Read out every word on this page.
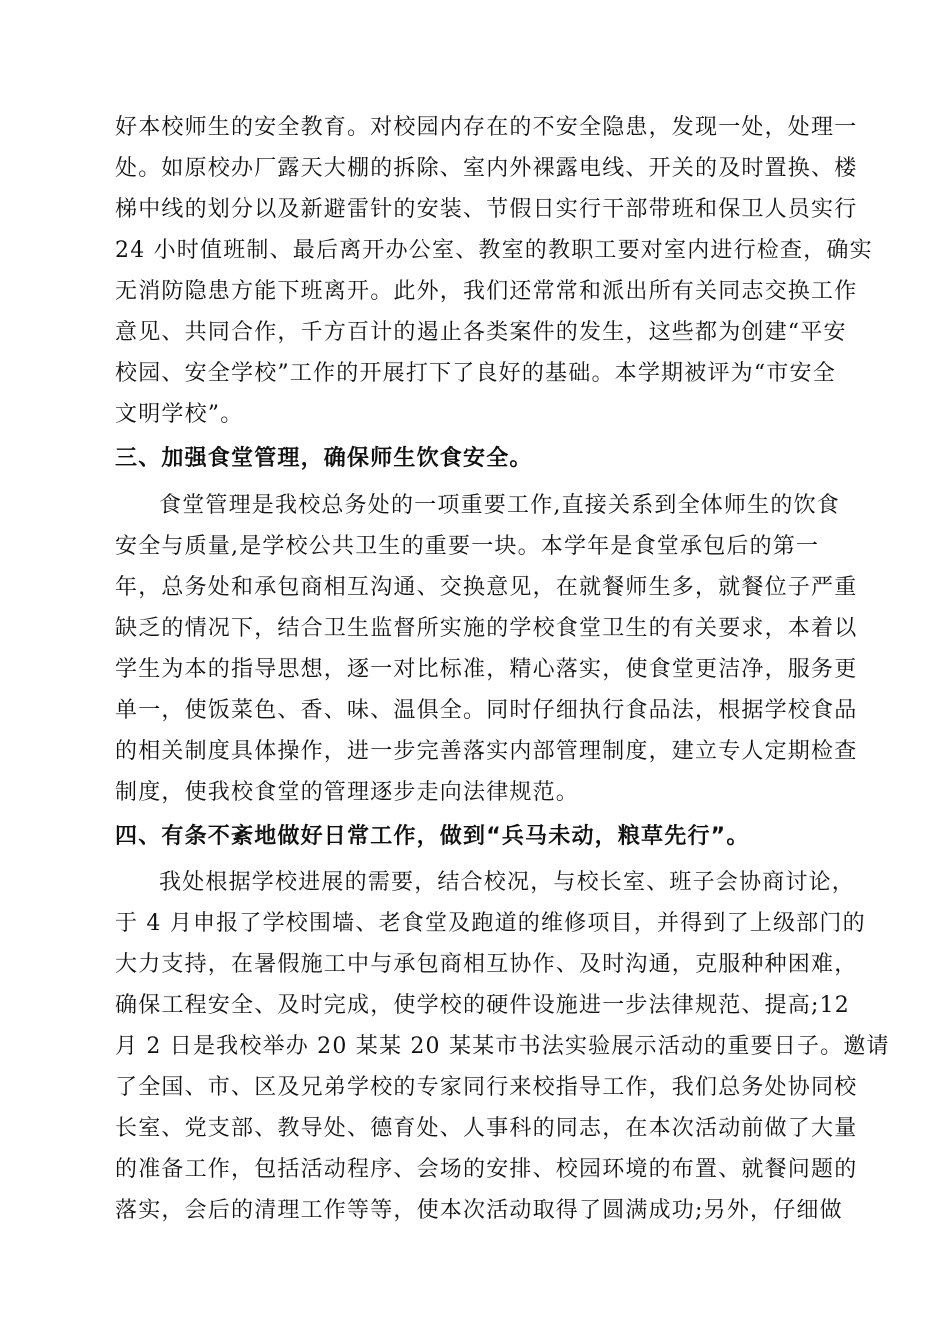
好本校师生的安全教育。对校园内存在的不安全隐患，发现一处，处理一
处。如原校办厂露天大棚的拆除、室内外裸露电线、开关的及时置换、楼
梯中线的划分以及新避雷针的安装、节假日实行干部带班和保卫人员实行
24 小时值班制、最后离开办公室、教室的教职工要对室内进行检查，确实
无消防隐患方能下班离开。此外，我们还常常和派出所有关同志交换工作
意见、共同合作，千方百计的遏止各类案件的发生，这些都为创建“平安
校园、安全学校”工作的开展打下了良好的基础。本学期被评为“市安全
文明学校”。
三、加强食堂管理，确保师生饮食安全。
食堂管理是我校总务处的一项重要工作,直接关系到全体师生的饮食
安全与质量,是学校公共卫生的重要一块。本学年是食堂承包后的第一
年，总务处和承包商相互沟通、交换意见，在就餐师生多，就餐位子严重
缺乏的情况下，结合卫生监督所实施的学校食堂卫生的有关要求，本着以
学生为本的指导思想，逐一对比标准，精心落实，使食堂更洁净，服务更
单一，使饭菜色、香、味、温俱全。同时仔细执行食品法，根据学校食品
的相关制度具体操作，进一步完善落实内部管理制度，建立专人定期检查
制度，使我校食堂的管理逐步走向法律规范。
四、有条不紊地做好日常工作，做到“兵马未动，粮草先行”。
我处根据学校进展的需要，结合校况，与校长室、班子会协商讨论，
于 4 月申报了学校围墙、老食堂及跑道的维修项目，并得到了上级部门的
大力支持，在暑假施工中与承包商相互协作、及时沟通，克服种种困难，
确保工程安全、及时完成，使学校的硬件设施进一步法律规范、提高;12
月 2 日是我校举办 20 某某 20 某某市书法实验展示活动的重要日子。邀请
了全国、市、区及兄弟学校的专家同行来校指导工作，我们总务处协同校
长室、党支部、教导处、德育处、人事科的同志，在本次活动前做了大量
的准备工作，包括活动程序、会场的安排、校园环境的布置、就餐问题的
落实，会后的清理工作等等，使本次活动取得了圆满成功;另外，仔细做
